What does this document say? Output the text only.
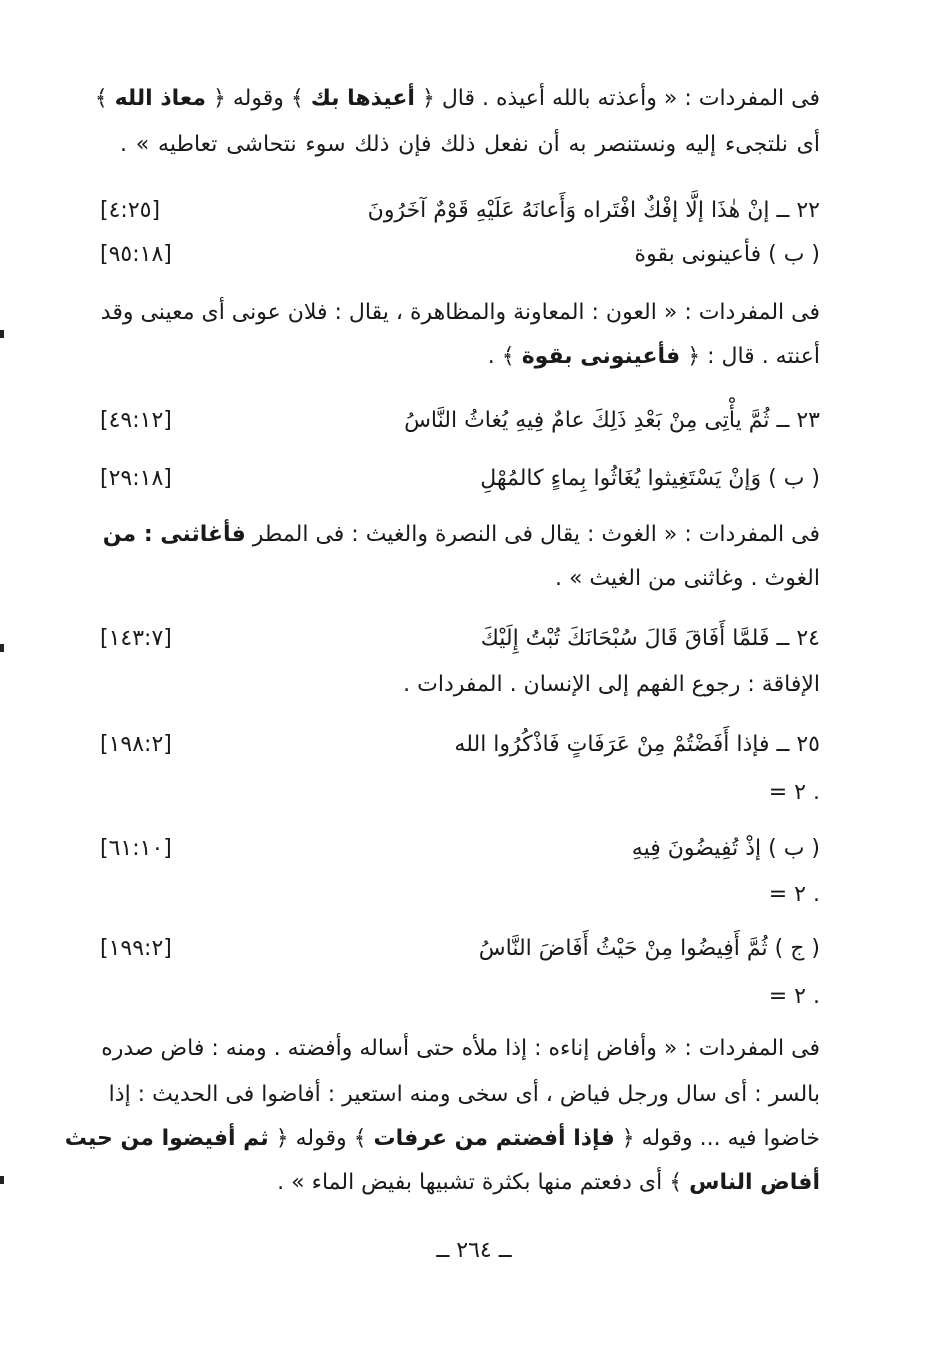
فى المفردات : « وأعذته بالله أعيذه . قال ﴿ أعيذها بك ﴾ وقوله ﴿ معاذ الله ﴾
أى نلتجىء إليه ونستنصر به أن نفعل ذلك فإن ذلك سوء نتحاشى تعاطيه » .
٢٢ ــ إنْ هٰذَا إلَّا إفْكٌ افْتَراه وَأَعانَهُ عَلَيْهِ قَوْمٌ آخَرُونَ
[٤:٢٥]
( ب ) فأعينونى بقوة
[٩٥:١٨]
فى المفردات : « العون : المعاونة والمظاهرة ، يقال : فلان عونى أى معينى وقد
أعنته . قال : ﴿ فأعينونى بقوة ﴾ .
٢٣ ــ ثُمَّ يأْتِى مِنْ بَعْدِ ذَلِكَ عامٌ فِيهِ يُغاثُ النَّاسُ
[٤٩:١٢]
( ب ) وَإنْ يَسْتَغِيثوا يُغَاثُوا بِماءٍ كالمُهْلِ
[٢٩:١٨]
فى المفردات : « الغوث : يقال فى النصرة والغيث : فى المطر فأغاثنى : من
الغوث . وغاثنى من الغيث » .
٢٤ ــ فَلمَّا أَفَاقَ قَالَ سُبْحَانَكَ تُبْتُ إِلَيْكَ
[١٤٣:٧]
الإفاقة : رجوع الفهم إلى الإنسان . المفردات .
٢٥ ــ فإذا أَفَضْتُمْ مِنْ عَرَفَاتٍ فَاذْكُرُوا الله
[١٩٨:٢]
= ٢ .
( ب ) إذْ تُفِيضُونَ فِيهِ
[٦١:١٠]
= ٢ .
( ج ) ثُمَّ أَفِيضُوا مِنْ حَيْثُ أَفَاضَ النَّاسُ
[١٩٩:٢]
= ٢ .
فى المفردات : « وأفاض إناءه : إذا ملأه حتى أساله وأفضته . ومنه : فاض صدره
بالسر : أى سال ورجل فياض ، أى سخى ومنه استعير : أفاضوا فى الحديث : إذا
خاضوا فيه ... وقوله ﴿ فإذا أفضتم من عرفات ﴾ وقوله ﴿ ثم أفيضوا من حيث
أفاض الناس ﴾ أى دفعتم منها بكثرة تشبيها بفيض الماء » .
ــ ٢٦٤ ــ
